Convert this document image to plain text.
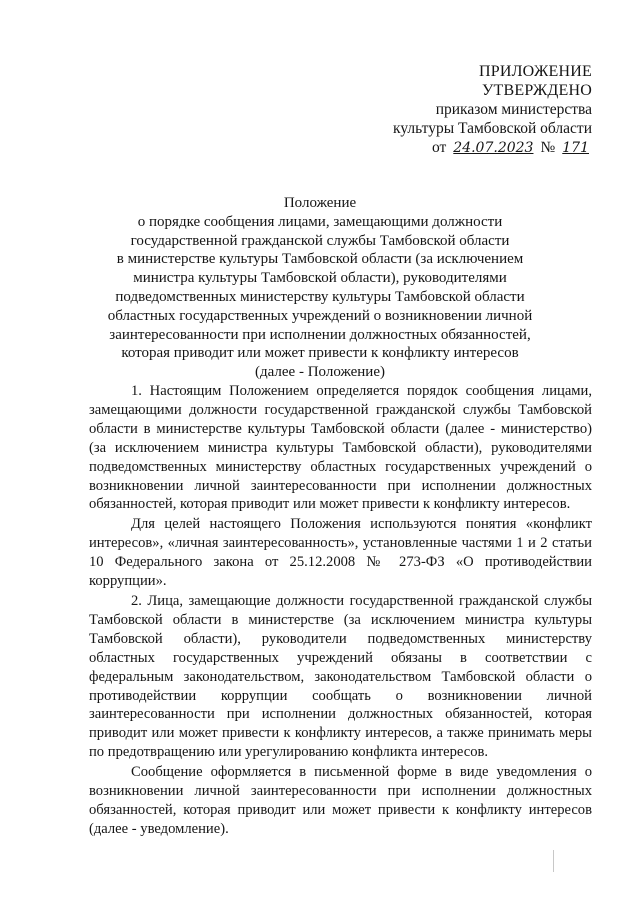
ПРИЛОЖЕНИЕ
УТВЕРЖДЕНО
приказом министерства
культуры Тамбовской области
от 24.07.2023 № 171
Положение
о порядке сообщения лицами, замещающими должности
государственной гражданской службы Тамбовской области
в министерстве культуры Тамбовской области (за исключением
министра культуры Тамбовской области), руководителями
подведомственных министерству культуры Тамбовской области
областных государственных учреждений о возникновении личной
заинтересованности при исполнении должностных обязанностей,
которая приводит или может привести к конфликту интересов
(далее - Положение)

1. Настоящим Положением определяется порядок сообщения лицами, замещающими должности государственной гражданской службы Тамбовской области в министерстве культуры Тамбовской области (далее - министерство) (за исключением министра культуры Тамбовской области), руководителями подведомственных министерству областных государственных учреждений о возникновении личной заинтересованности при исполнении должностных обязанностей, которая приводит или может привести к конфликту интересов.

Для целей настоящего Положения используются понятия «конфликт интересов», «личная заинтересованность», установленные частями 1 и 2 статьи 10 Федерального закона от 25.12.2008 № 273-ФЗ «О противодействии коррупции».

2. Лица, замещающие должности государственной гражданской службы Тамбовской области в министерстве (за исключением министра культуры Тамбовской области), руководители подведомственных министерству областных государственных учреждений обязаны в соответствии с федеральным законодательством, законодательством Тамбовской области о противодействии коррупции сообщать о возникновении личной заинтересованности при исполнении должностных обязанностей, которая приводит или может привести к конфликту интересов, а также принимать меры по предотвращению или урегулированию конфликта интересов.

Сообщение оформляется в письменной форме в виде уведомления о возникновении личной заинтересованности при исполнении должностных обязанностей, которая приводит или может привести к конфликту интересов (далее - уведомление).
